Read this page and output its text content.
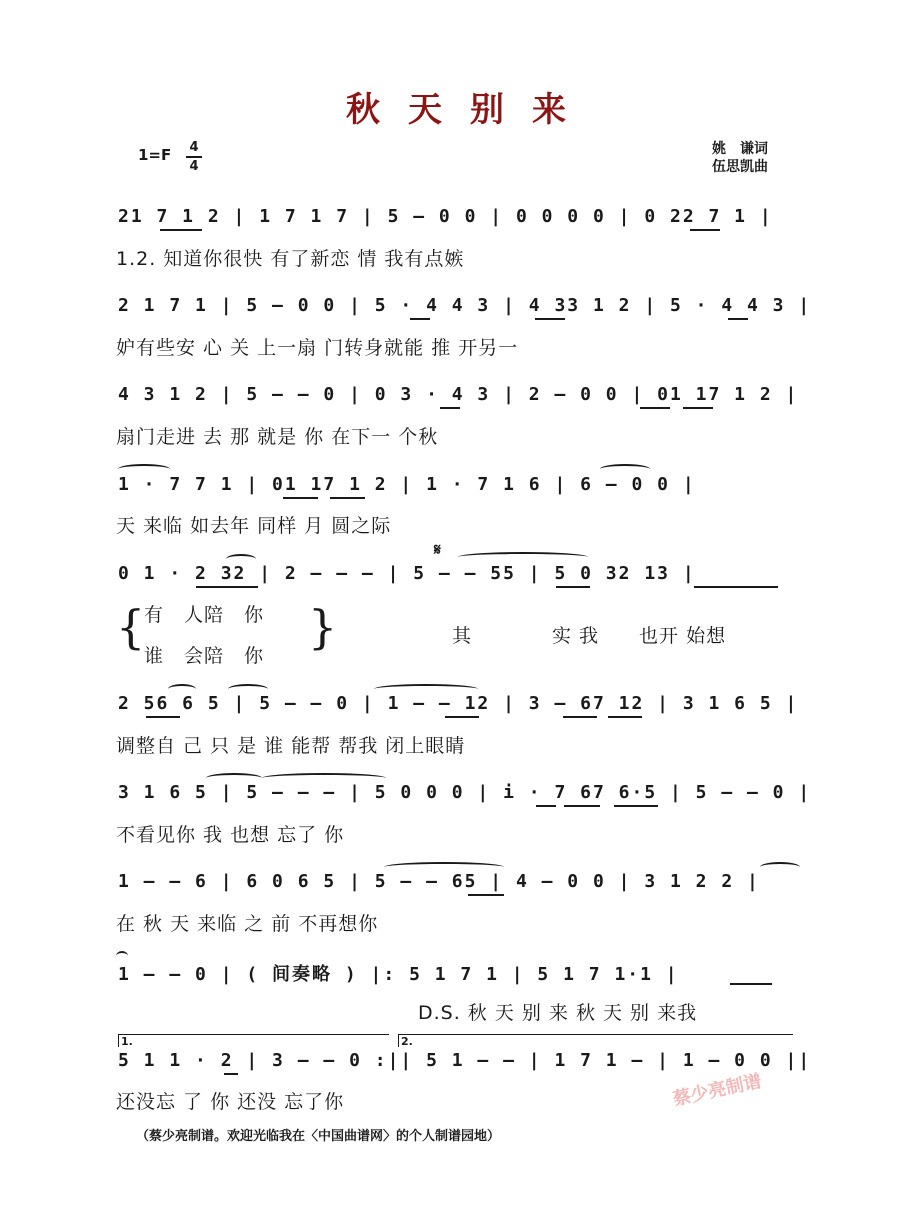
秋天别来
1=F 4
4
姚　谦词
伍思凯曲
21 7 1 2 | 1 7 1 7 | 5 — 0 0 | 0 0 0 0 | 0 22 7 1 |
1.2. 知道你很快 有了新恋 情 我有点嫉
2 1 7 1 | 5 — 0 0 | 5 · 4 4 3 | 4 33 1 2 | 5 · 4 4 3 |
妒有些安 心 关 上一扇 门转身就能 推 开另一
4 3 1 2 | 5 — — 0 | 0 3 · 4 3 | 2 — 0 0 | 01 17 1 2 |
扇门走进 去 那 就是 你 在下一 个秋
1 · 7 7 1 | 01 17 1 2 | 1 · 7 1 6 | 6 — 0 0 |
天 来临 如去年 同样 月 圆之际
𝄋
0 1 · 2 32 | 2 — — — | 5 — — 55 | 5 0 32 13 |
{
有　人陪　你
谁　会陪　你
}	其　　　　实 我　　也开 始想
2 56 6 5 | 5 — — 0 | 1 — — 12 | 3 — 67 12 | 3 1 6 5 |
调整自 己 只 是 谁 能帮 帮我 闭上眼睛
3 1 6 5 | 5 — — — | 5 0 0 0 | i · 7 67 6·5 | 5 — — 0 |
不看见你 我 也想 忘了 你
1 — — 6 | 6 0 6 5 | 5 — — 65 | 4 — 0 0 | 3 1 2 2 |
在 秋 天 来临 之 前 不再想你
1 — — 0 | ( 间奏略 ) |: 5 1 7 1 | 5 1 7 1·1 |
D.S. 秋 天 别 来 秋 天 别 来我
1.	2.
5 1 1 · 2 | 3 — — 0 :|| 5 1 — — | 1 7 1 — | 1 — 0 0 ||
还没忘 了 你 还没 忘了你	蔡少亮制谱
（蔡少亮制谱。欢迎光临我在〈中国曲谱网〉的个人制谱园地）
